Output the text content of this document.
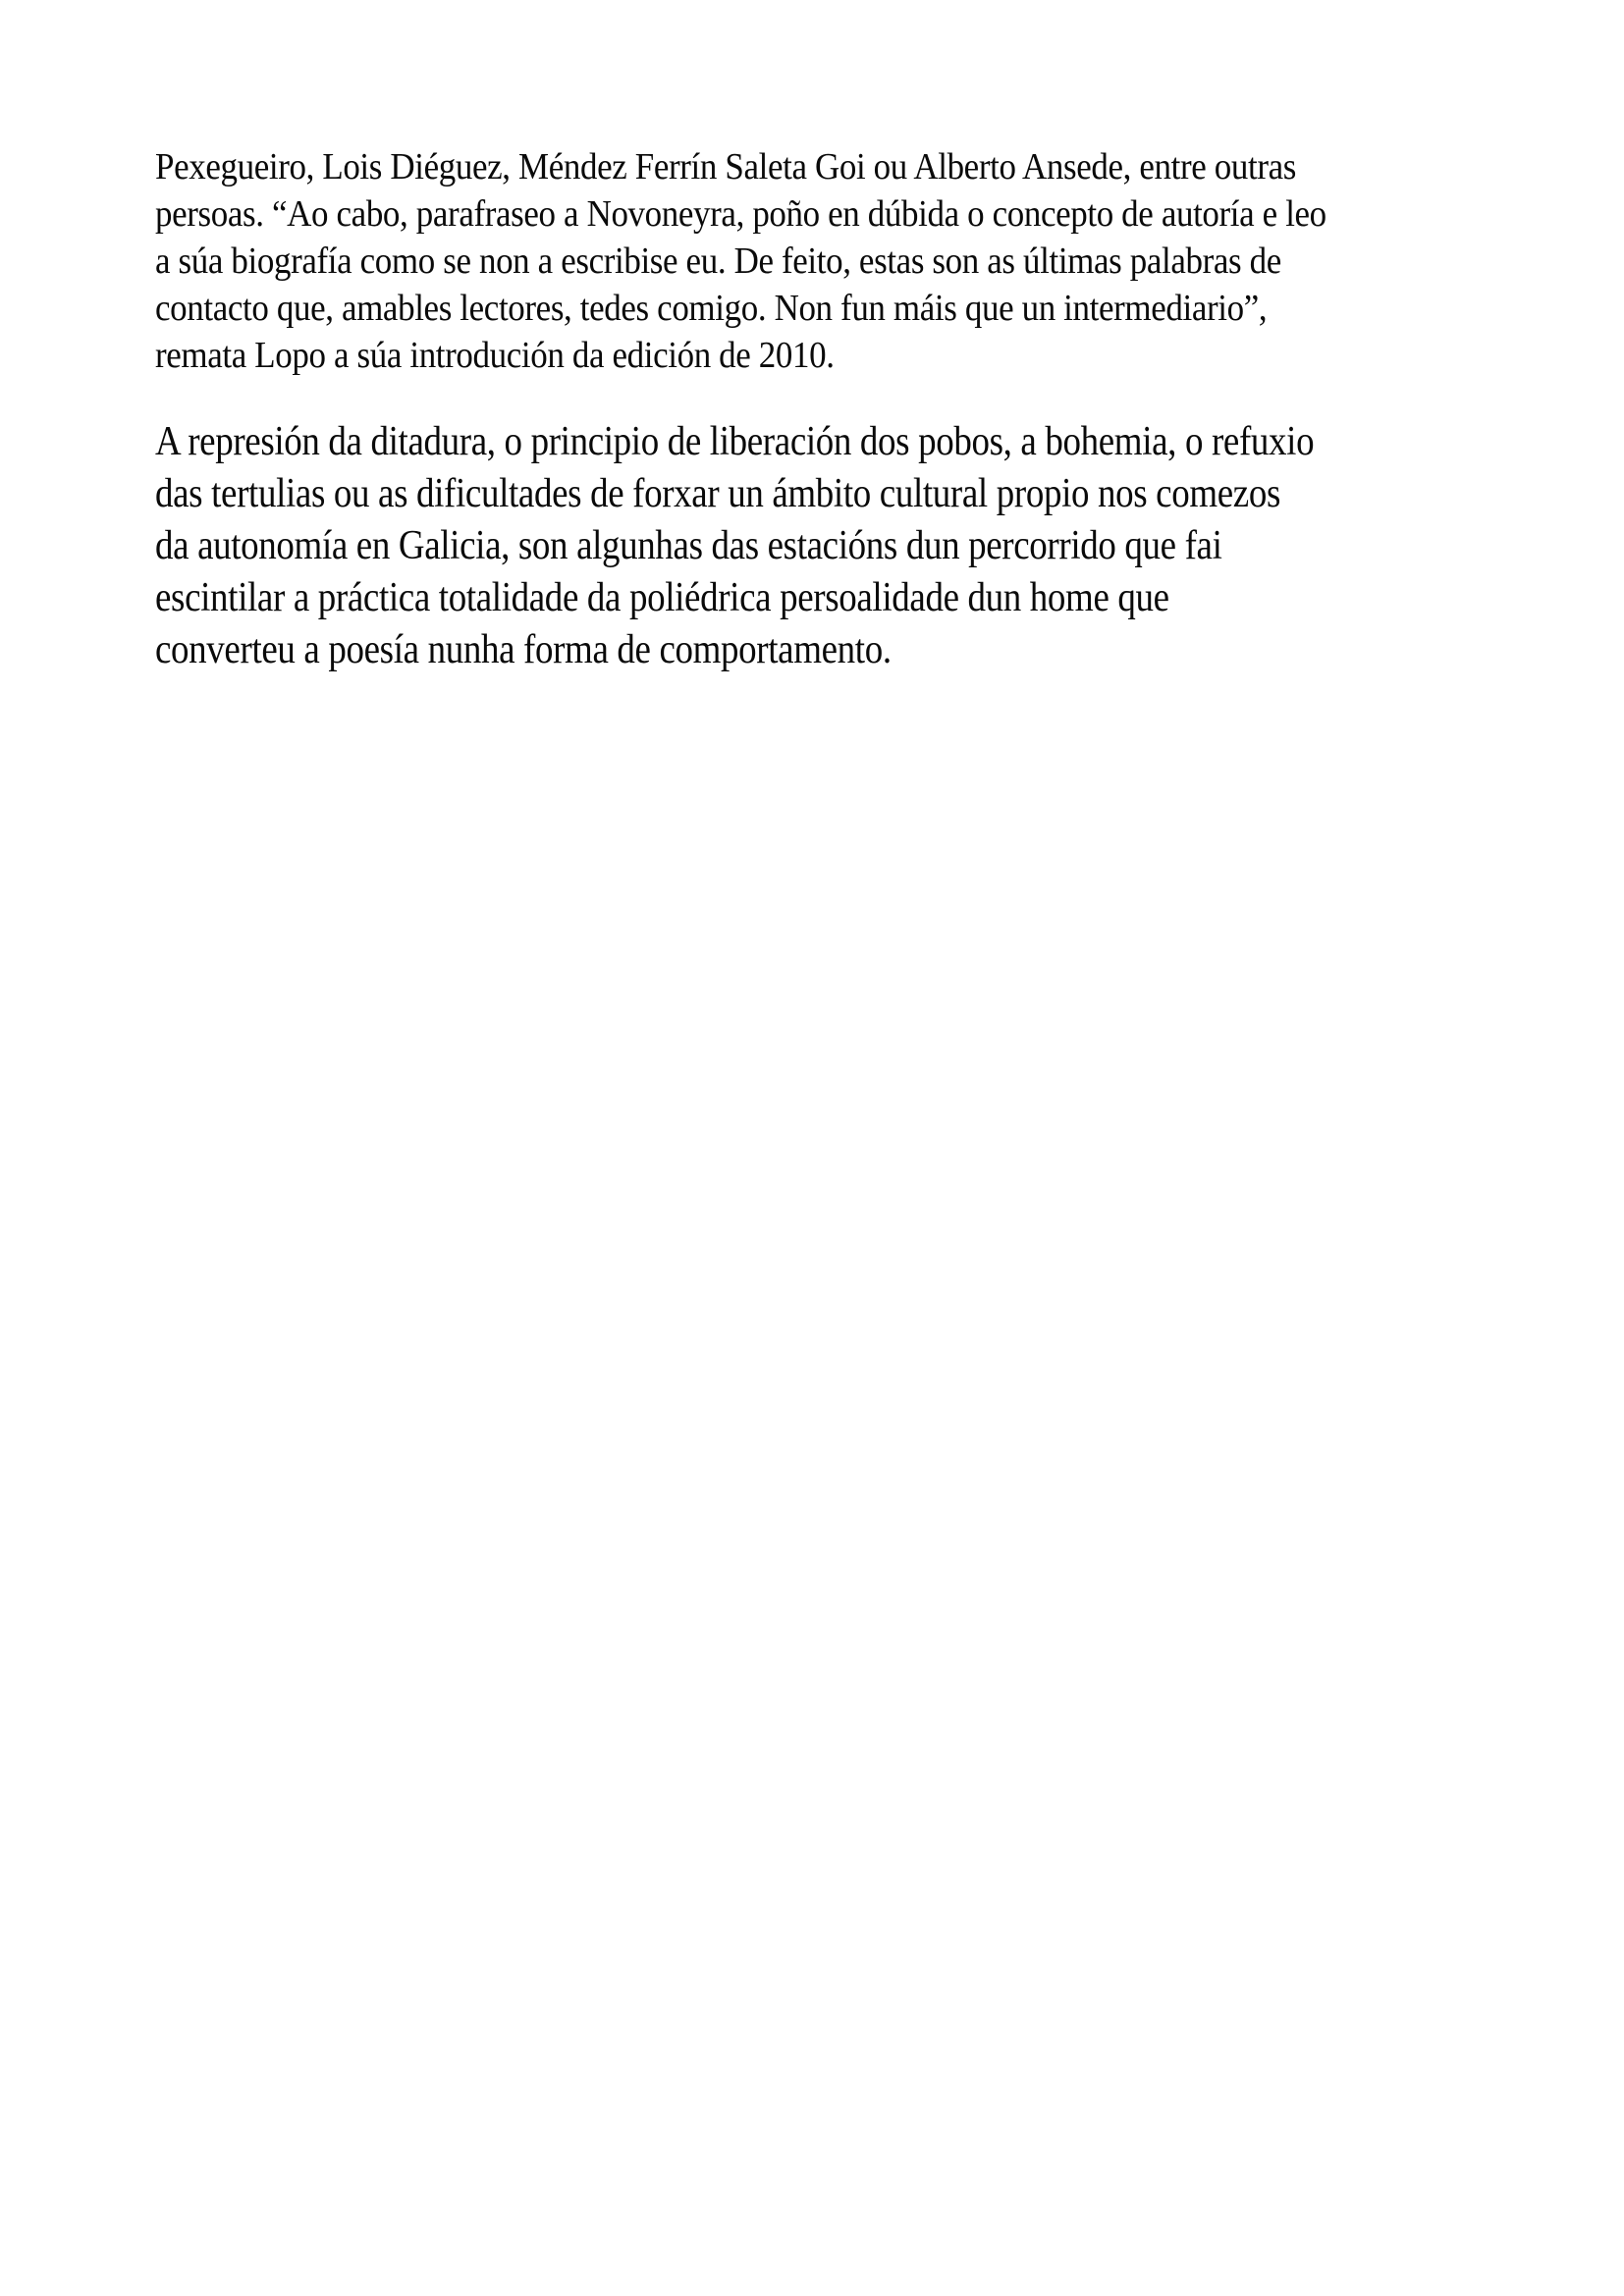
Pexegueiro, Lois Diéguez, Méndez Ferrín Saleta Goi ou Alberto Ansede, entre outras
persoas. “Ao cabo, parafraseo a Novoneyra, poño en dúbida o concepto de autoría e leo
a súa biografía como se non a escribise eu. De feito, estas son as últimas palabras de
contacto que, amables lectores, tedes comigo. Non fun máis que un intermediario”,
remata Lopo a súa introdución da edición de 2010.
A represión da ditadura, o principio de liberación dos pobos, a bohemia, o refuxio
das tertulias ou as dificultades de forxar un ámbito cultural propio nos comezos
da autonomía en Galicia, son algunhas das estacións dun percorrido que fai
escintilar a práctica totalidade da poliédrica persoalidade dun home que
converteu a poesía nunha forma de comportamento.
